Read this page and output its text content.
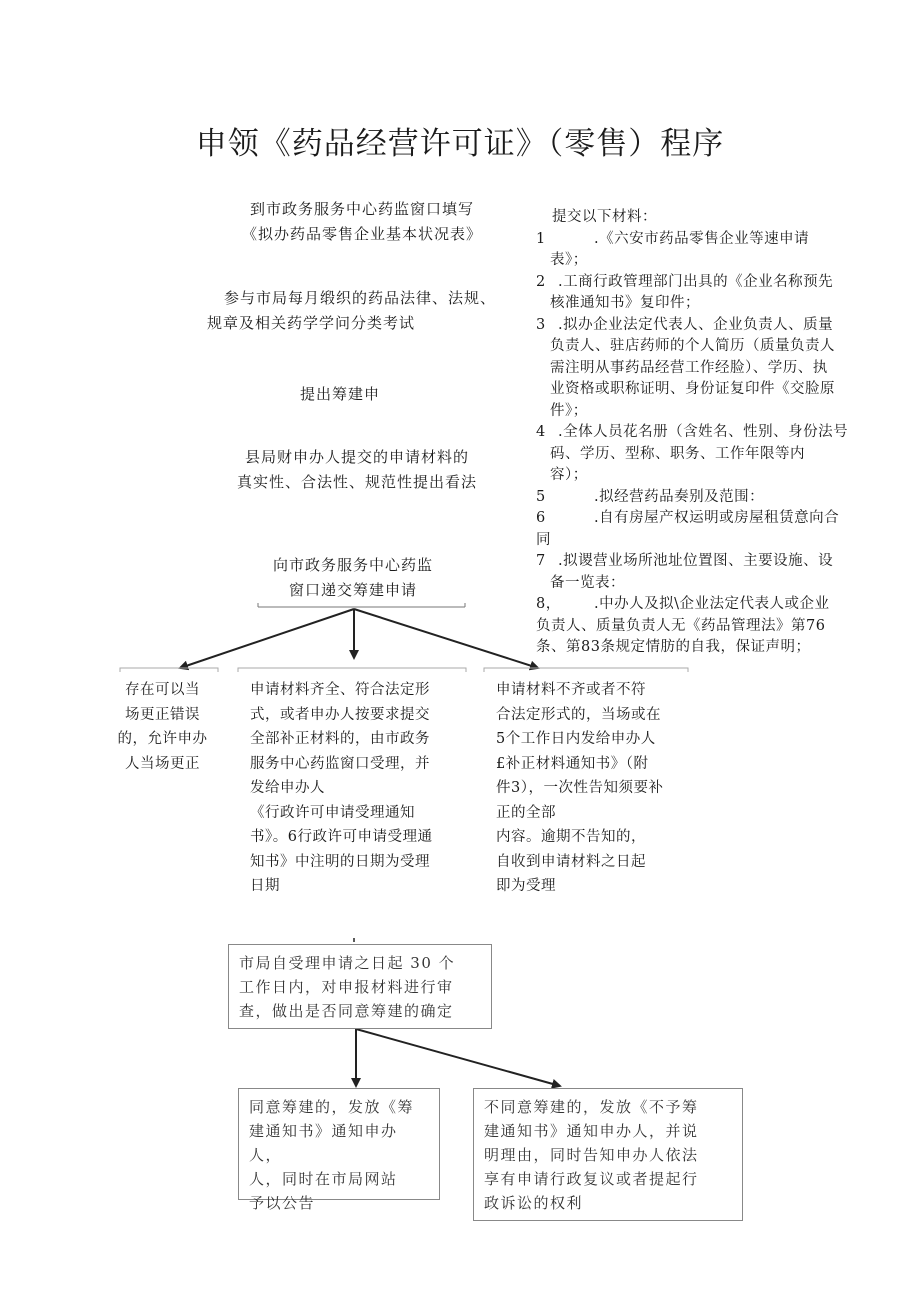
申领《药品经营许可证》（零售）程序
到市政务服务中心药监窗口填写
《拟办药品零售企业基本状况表》
参与市局每月缎织的药品法律、法规、
规章及相关药学学问分类考试
提出筹建申
县局财申办人提交的申请材料的
真实性、合法性、规范性提出看法
向市政务服务中心药监
窗口递交筹建申请
提交以下材料：
1	.《六安市药品零售企业等速申请
表》；
2 .工商行政管理部门出具的《企业名称预先
核准通知书》复印件；
3 .拟办企业法定代表人、企业负责人、质量
负责人、驻店药师的个人简历（质量负责人
需注明从事药品经营工作经脸）、学历、执
业资格或职称证明、身份证复印件《交脸原
件》；
4 .全体人员花名册（含姓名、性别、身份法号
码、学历、型称、职务、工作年限等内
容）；
5	.拟经营药品奏别及范围：
6	.自有房屋产权运明或房屋租赁意向合
同
7 .拟谡营业场所池址位置图、主要设施、设
备一览表：
8， .中办人及拟\企业法定代表人或企业
负责人、质量负责人无《药品管理法》第76
条、第83条规定情肪的自我，保证声明；
存在可以当
场更正错误
的，允许申办
人当场更正
申请材料齐全、符合法定形
式，或者申办人按要求提交
全部补正材料的，由市政务
服务中心药监窗口受理，并
发给申办人
《行政许可申请受理通知
书》。6行政许可申请受理通
知书》中注明的日期为受理
日期
申请材料不齐或者不符
合法定形式的，当场或在
5个工作日内发给申办人
£补正材料通知书》（附
件3），一次性告知须要补
正的全部
内容。逾期不告知的，
自收到申请材料之日起
即为受理
市局自受理申请之日起 30 个
工作日内，对申报材料进行审
查，做出是否同意筹建的确定
同意筹建的，发放《筹
建通知书》通知申办人，
人，同时在市局网站
予以公告
不同意筹建的，发放《不予筹
建通知书》通知申办人，并说
明理由，同时告知申办人依法
享有申请行政复议或者提起行
政诉讼的权利
